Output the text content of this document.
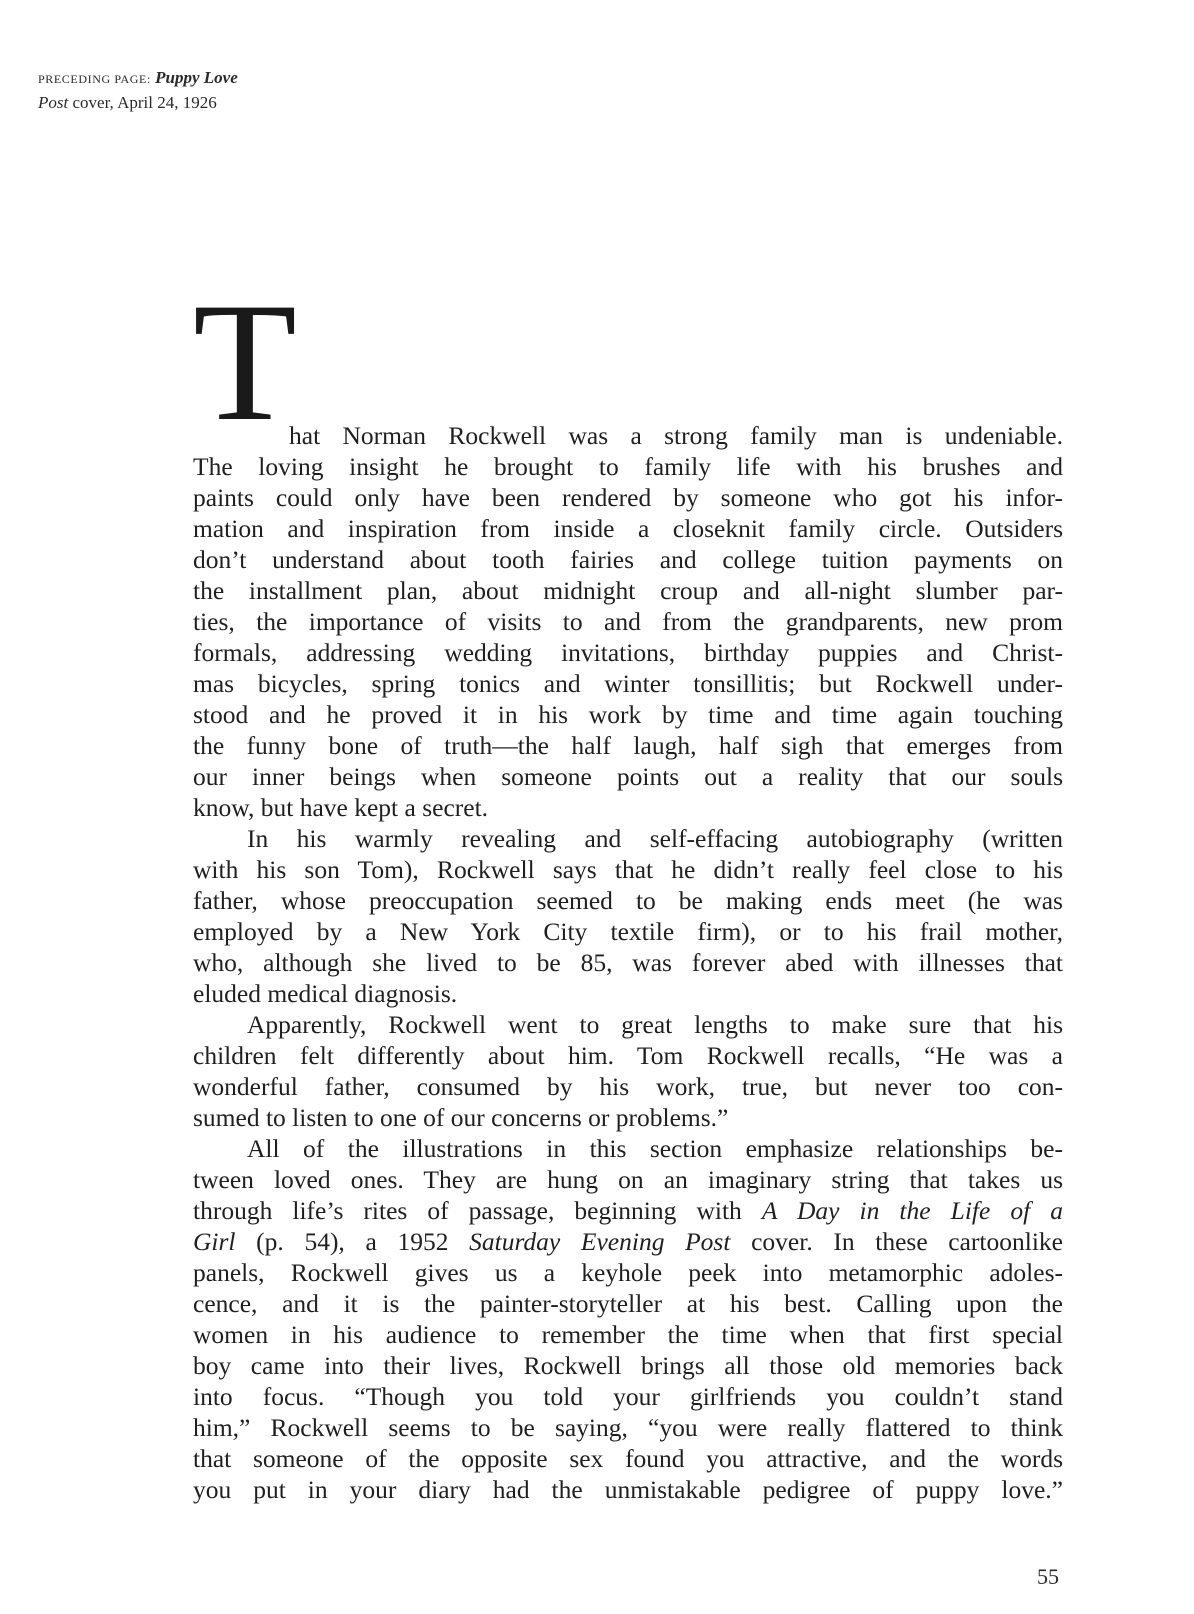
PRECEDING PAGE: Puppy Love
Post cover, April 24, 1926
T

hat Norman Rockwell was a strong family man is undeniable.

The loving insight he brought to family life with his brushes and

paints could only have been rendered by someone who got his infor-

mation and inspiration from inside a closeknit family circle. Outsiders

don’t understand about tooth fairies and college tuition payments on

the installment plan, about midnight croup and all-night slumber par-

ties, the importance of visits to and from the grandparents, new prom

formals, addressing wedding invitations, birthday puppies and Christ-

mas bicycles, spring tonics and winter tonsillitis; but Rockwell under-

stood and he proved it in his work by time and time again touching

the funny bone of truth—the half laugh, half sigh that emerges from

our inner beings when someone points out a reality that our souls

know, but have kept a secret.

In his warmly revealing and self-effacing autobiography (written

with his son Tom), Rockwell says that he didn’t really feel close to his

father, whose preoccupation seemed to be making ends meet (he was

employed by a New York City textile firm), or to his frail mother,

who, although she lived to be 85, was forever abed with illnesses that

eluded medical diagnosis.

Apparently, Rockwell went to great lengths to make sure that his

children felt differently about him. Tom Rockwell recalls, “He was a

wonderful father, consumed by his work, true, but never too con-

sumed to listen to one of our concerns or problems.”

All of the illustrations in this section emphasize relationships be-

tween loved ones. They are hung on an imaginary string that takes us

through life’s rites of passage, beginning with A Day in the Life of a

Girl (p. 54), a 1952 Saturday Evening Post cover. In these cartoonlike

panels, Rockwell gives us a keyhole peek into metamorphic adoles-

cence, and it is the painter-storyteller at his best. Calling upon the

women in his audience to remember the time when that first special

boy came into their lives, Rockwell brings all those old memories back

into focus. “Though you told your girlfriends you couldn’t stand

him,” Rockwell seems to be saying, “you were really flattered to think

that someone of the opposite sex found you attractive, and the words

you put in your diary had the unmistakable pedigree of puppy love.”

55
